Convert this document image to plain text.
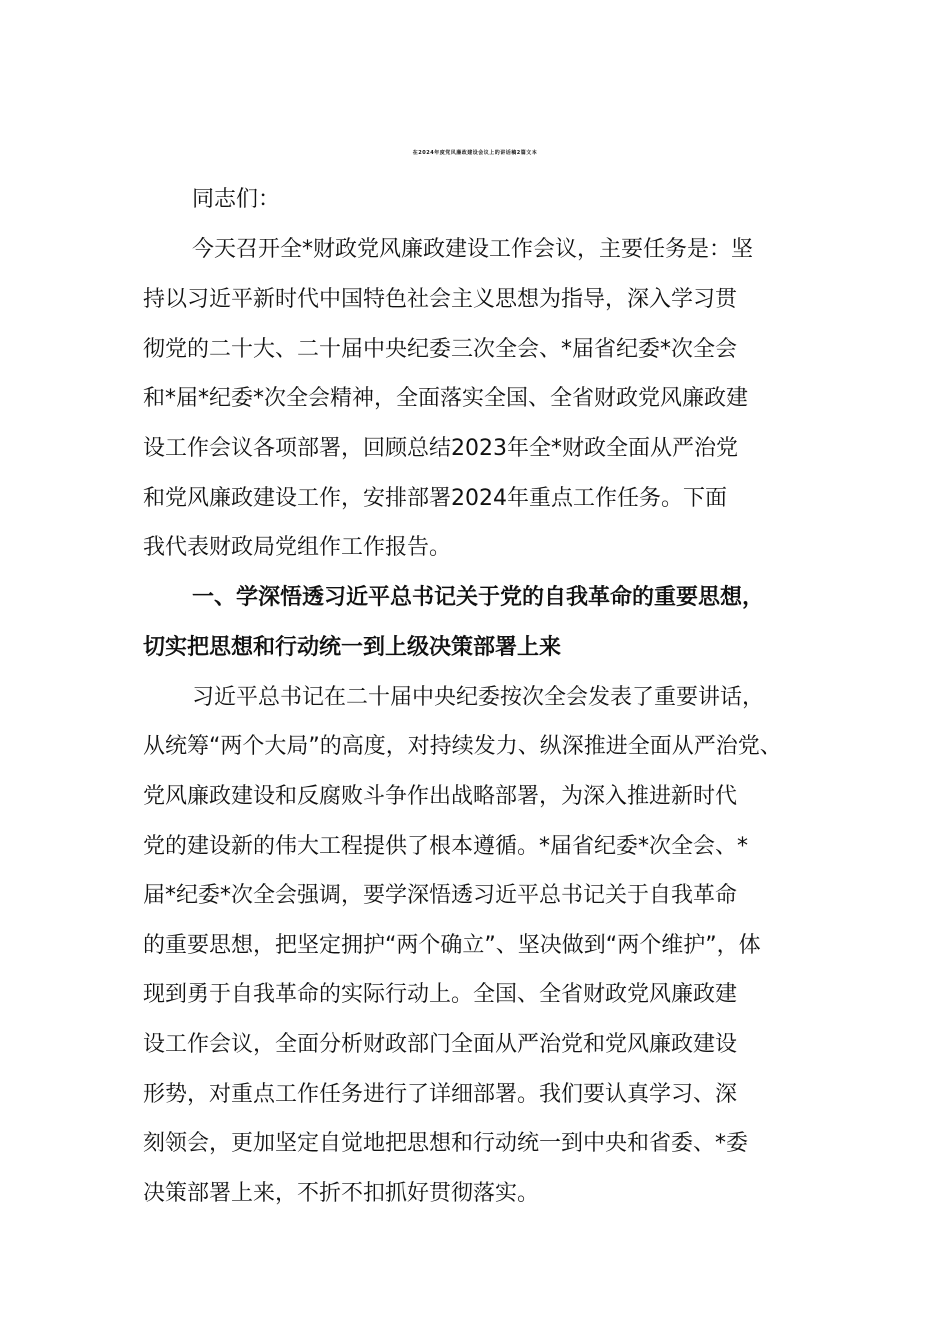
在2024年度党风廉政建设会议上的讲话稿2篇文本
同志们：
今天召开全*财政党风廉政建设工作会议，主要任务是：坚
持以习近平新时代中国特色社会主义思想为指导，深入学习贯
彻党的二十大、二十届中央纪委三次全会、*届省纪委*次全会
和*届*纪委*次全会精神，全面落实全国、全省财政党风廉政建
设工作会议各项部署，回顾总结2023年全*财政全面从严治党
和党风廉政建设工作，安排部署2024年重点工作任务。下面
我代表财政局党组作工作报告。
一、学深悟透习近平总书记关于党的自我革命的重要思想，
切实把思想和行动统一到上级决策部署上来
习近平总书记在二十届中央纪委按次全会发表了重要讲话，
从统筹“两个大局”的高度，对持续发力、纵深推进全面从严治党、
党风廉政建设和反腐败斗争作出战略部署，为深入推进新时代
党的建设新的伟大工程提供了根本遵循。*届省纪委*次全会、*
届*纪委*次全会强调，要学深悟透习近平总书记关于自我革命
的重要思想，把坚定拥护“两个确立”、坚决做到“两个维护”，体
现到勇于自我革命的实际行动上。全国、全省财政党风廉政建
设工作会议，全面分析财政部门全面从严治党和党风廉政建设
形势，对重点工作任务进行了详细部署。我们要认真学习、深
刻领会，更加坚定自觉地把思想和行动统一到中央和省委、*委
决策部署上来，不折不扣抓好贯彻落实。
